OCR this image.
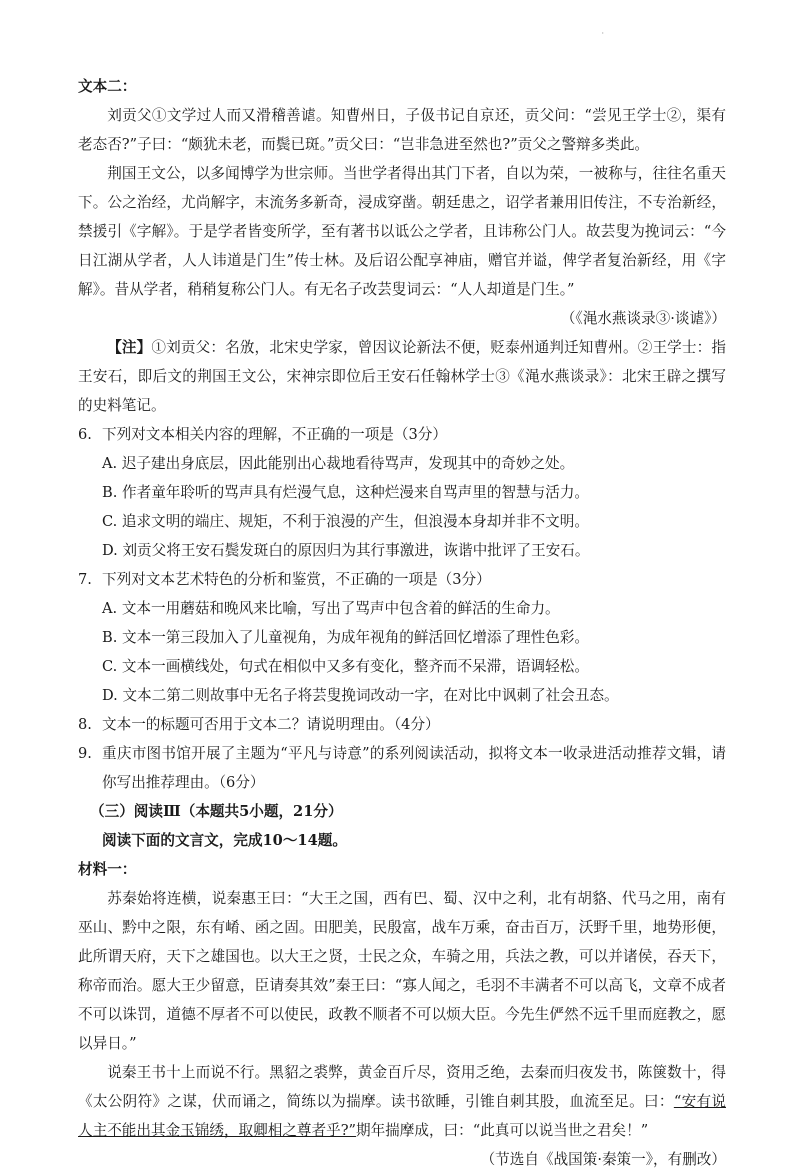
·

文本二：

刘贡父①文学过人而又滑稽善谑。知曹州日，子伋书记自京还，贡父问：“尝见王学士②，渠有老态否?”子曰：“颇犹未老，而鬓已斑。”贡父曰：“岂非急进至然也?”贡父之警辩多类此。

荆国王文公，以多闻博学为世宗师。当世学者得出其门下者，自以为荣，一被称与，往往名重天下。公之治经，尤尚解字，末流务多新奇，浸成穿凿。朝廷患之，诏学者兼用旧传注，不专治新经，禁援引《字解》。于是学者皆变所学，至有著书以诋公之学者，且讳称公门人。故芸叟为挽词云：“今日江湖从学者，人人讳道是门生”传士林。及后诏公配享神庙，赠官并谥，俾学者复治新经，用《字解》。昔从学者，稍稍复称公门人。有无名子改芸叟词云：“人人却道是门生。”

（《渑水燕谈录③·谈谑》）

【注】①刘贡父：名攽，北宋史学家，曾因议论新法不便，贬泰州通判迁知曹州。②王学士：指王安石，即后文的荆国王文公，宋神宗即位后王安石任翰林学士③《渑水燕谈录》：北宋王辟之撰写的史料笔记。

6. 下列对文本相关内容的理解，不正确的一项是（3分）

A. 迟子建出身底层，因此能别出心裁地看待骂声，发现其中的奇妙之处。

B. 作者童年聆听的骂声具有烂漫气息，这种烂漫来自骂声里的智慧与活力。

C. 追求文明的端庄、规矩，不利于浪漫的产生，但浪漫本身却并非不文明。

D. 刘贡父将王安石鬓发斑白的原因归为其行事激进，诙谐中批评了王安石。

7. 下列对文本艺术特色的分析和鉴赏，不正确的一项是（3分）

A. 文本一用蘑菇和晚风来比喻，写出了骂声中包含着的鲜活的生命力。

B. 文本一第三段加入了儿童视角，为成年视角的鲜活回忆增添了理性色彩。

C. 文本一画横线处，句式在相似中又多有变化，整齐而不呆滞，语调轻松。

D. 文本二第二则故事中无名子将芸叟挽词改动一字，在对比中讽刺了社会丑态。

8. 文本一的标题可否用于文本二？请说明理由。（4分）
9. 重庆市图书馆开展了主题为“平凡与诗意”的系列阅读活动，拟将文本一收录进活动推荐文辑，请你写出推荐理由。（6分）

（三）阅读Ⅲ（本题共5小题，21分）

阅读下面的文言文，完成10～14题。

材料一：

苏秦始将连横，说秦惠王曰：“大王之国，西有巴、蜀、汉中之利，北有胡貉、代马之用，南有巫山、黔中之限，东有崤、函之固。田肥美，民殷富，战车万乘，奋击百万，沃野千里，地势形便，此所谓天府，天下之雄国也。以大王之贤，士民之众，车骑之用，兵法之教，可以并诸侯，吞天下，称帝而治。愿大王少留意，臣请奏其效”秦王曰：“寡人闻之，毛羽不丰满者不可以高飞，文章不成者不可以诛罚，道德不厚者不可以使民，政教不顺者不可以烦大臣。今先生俨然不远千里而庭教之，愿以异日。”

说秦王书十上而说不行。黑貂之裘弊，黄金百斤尽，资用乏绝，去秦而归夜发书，陈箧数十，得《太公阴符》之谋，伏而诵之，简练以为揣摩。读书欲睡，引锥自刺其股，血流至足。曰：“安有说人主不能出其金玉锦绣，取卿相之尊者乎?”期年揣摩成，曰：“此真可以说当世之君矣！”

（节选自《战国策·秦策一》，有删改）
